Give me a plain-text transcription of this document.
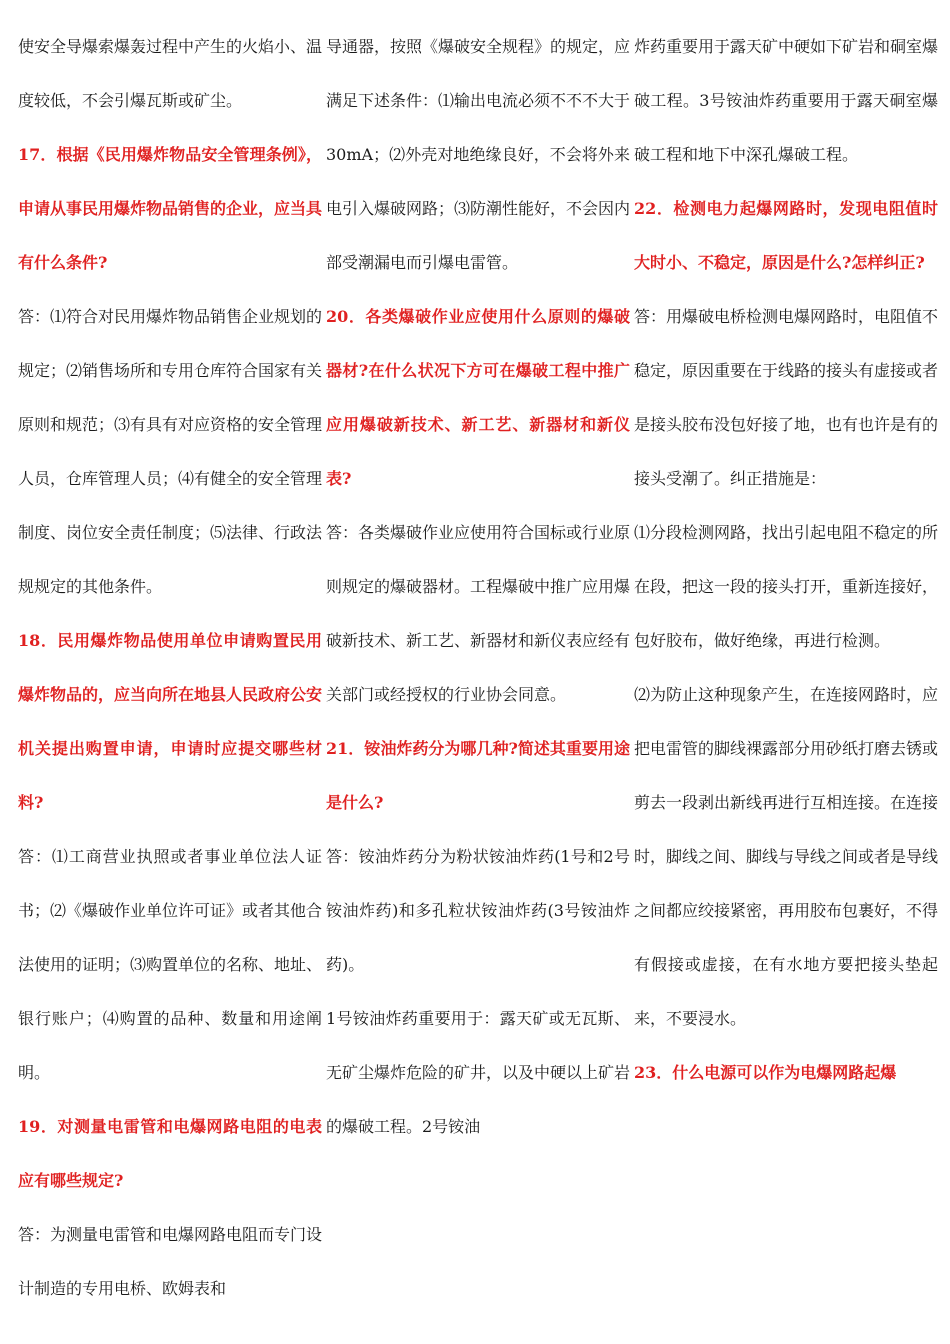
使安全导爆索爆轰过程中产生的火焰小、温度较低，不会引爆瓦斯或矿尘。

17．根据《民用爆炸物品安全管理条例》，申请从事民用爆炸物品销售的企业，应当具有什么条件?

答：⑴符合对民用爆炸物品销售企业规划的规定；⑵销售场所和专用仓库符合国家有关原则和规范；⑶有具有对应资格的安全管理人员，仓库管理人员；⑷有健全的安全管理制度、岗位安全责任制度；⑸法律、行政法规规定的其他条件。

18．民用爆炸物品使用单位申请购置民用爆炸物品的，应当向所在地县人民政府公安机关提出购置申请，申请时应提交哪些材料?

答：⑴工商营业执照或者事业单位法人证书；⑵《爆破作业单位许可证》或者其他合法使用的证明；⑶购置单位的名称、地址、银行账户；⑷购置的品种、数量和用途阐明。

19．对测量电雷管和电爆网路电阻的电表应有哪些规定?

答：为测量电雷管和电爆网路电阻而专门设计制造的专用电桥、欧姆表和

导通器，按照《爆破安全规程》的规定，应满足下述条件：⑴输出电流必须不不不大于30mA；⑵外壳对地绝缘良好，不会将外来电引入爆破网路；⑶防潮性能好，不会因内部受潮漏电而引爆电雷管。

20．各类爆破作业应使用什么原则的爆破器材?在什么状况下方可在爆破工程中推广应用爆破新技术、新工艺、新器材和新仪表?

答：各类爆破作业应使用符合国标或行业原则规定的爆破器材。工程爆破中推广应用爆破新技术、新工艺、新器材和新仪表应经有关部门或经授权的行业协会同意。

21．铵油炸药分为哪几种?简述其重要用途是什么?

答：铵油炸药分为粉状铵油炸药(1号和2号铵油炸药)和多孔粒状铵油炸药(3号铵油炸药)。

1号铵油炸药重要用于：露天矿或无瓦斯、无矿尘爆炸危险的矿井，以及中硬以上矿岩的爆破工程。2号铵油

炸药重要用于露天矿中硬如下矿岩和硐室爆破工程。3号铵油炸药重要用于露天硐室爆破工程和地下中深孔爆破工程。

22．检测电力起爆网路时，发现电阻值时大时小、不稳定，原因是什么?怎样纠正?

答：用爆破电桥检测电爆网路时，电阻值不稳定，原因重要在于线路的接头有虚接或者是接头胶布没包好接了地，也有也许是有的接头受潮了。纠正措施是：

⑴分段检测网路，找出引起电阻不稳定的所在段，把这一段的接头打开，重新连接好，包好胶布，做好绝缘，再进行检测。

⑵为防止这种现象产生，在连接网路时，应把电雷管的脚线裸露部分用砂纸打磨去锈或剪去一段剥出新线再进行互相连接。在连接时，脚线之间、脚线与导线之间或者是导线之间都应绞接紧密，再用胶布包裹好，不得有假接或虚接，在有水地方要把接头垫起来，不要浸水。

23．什么电源可以作为电爆网路起爆
